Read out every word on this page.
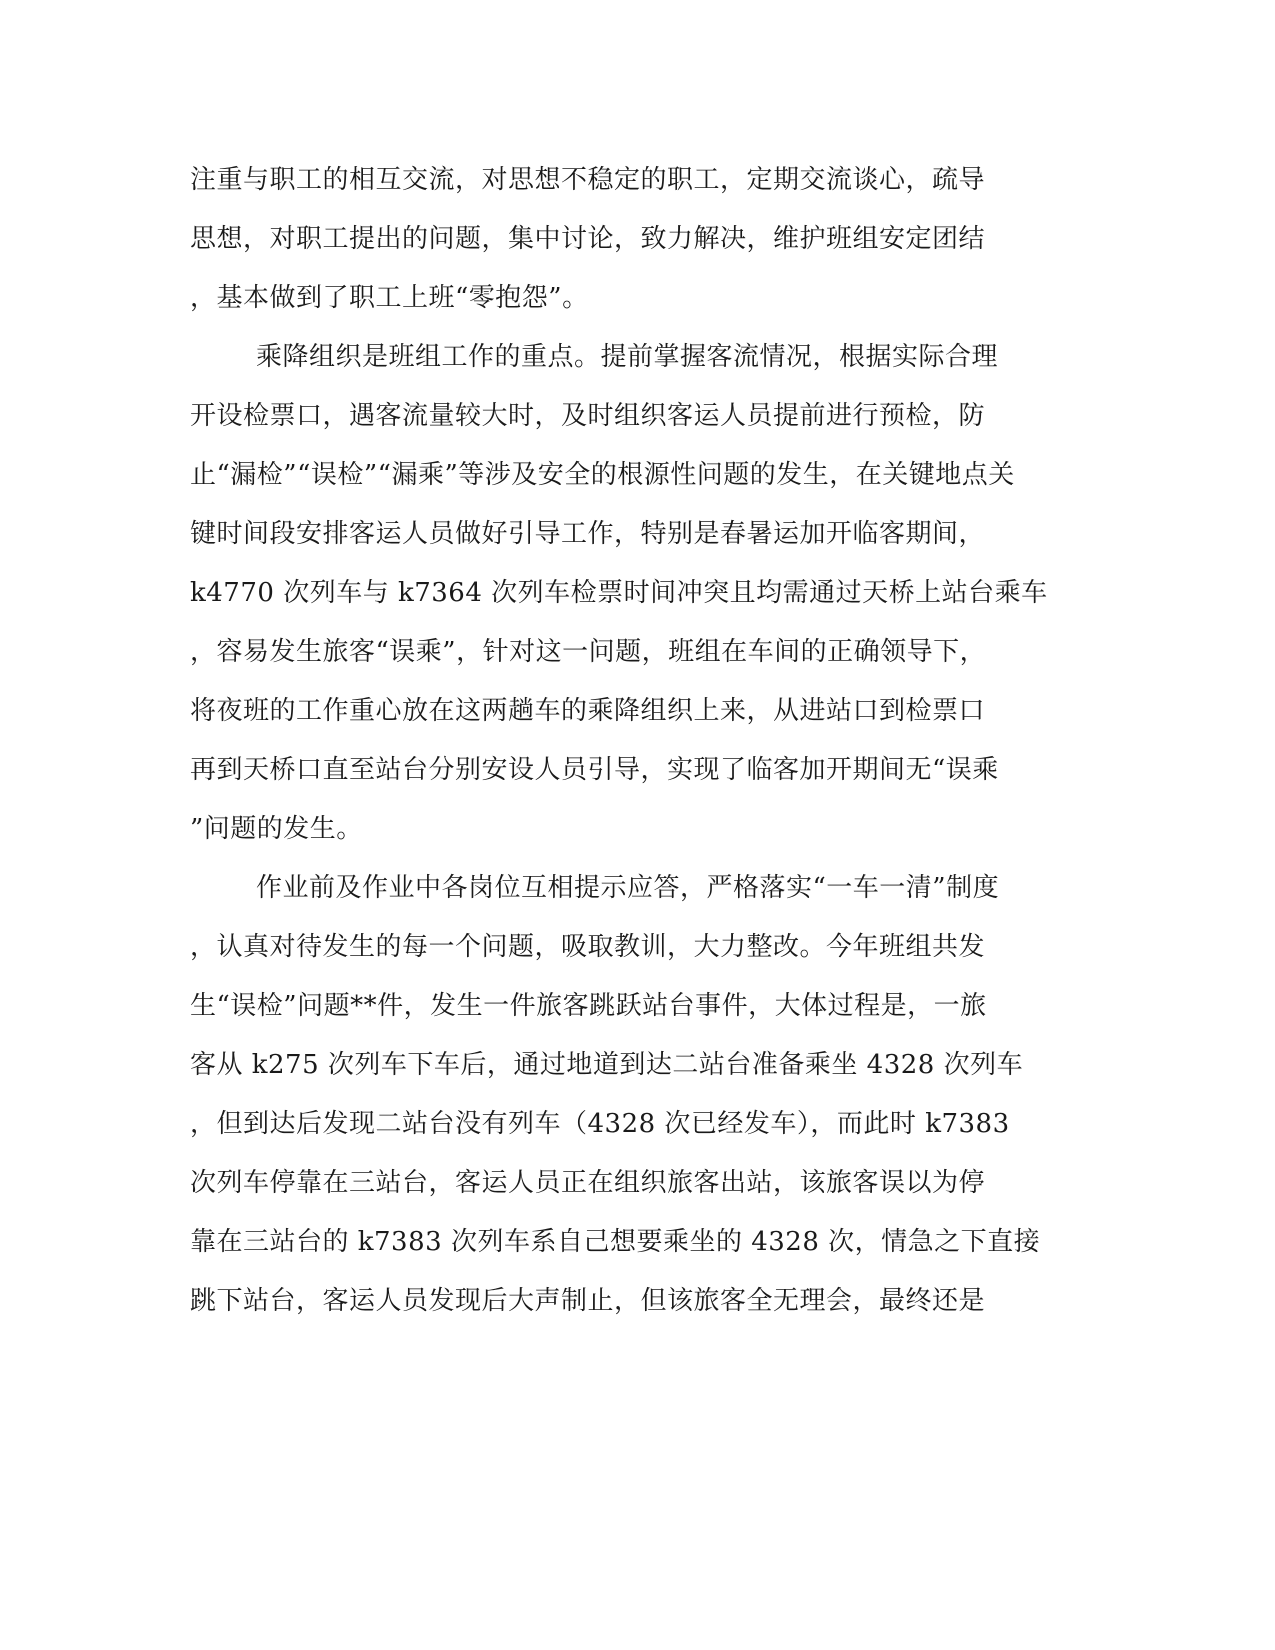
注重与职工的相互交流，对思想不稳定的职工，定期交流谈心，疏导

思想，对职工提出的问题，集中讨论，致力解决，维护班组安定团结

，基本做到了职工上班“零抱怨”。

乘降组织是班组工作的重点。提前掌握客流情况，根据实际合理

开设检票口，遇客流量较大时，及时组织客运人员提前进行预检，防

止“漏检”“误检”“漏乘”等涉及安全的根源性问题的发生，在关键地点关

键时间段安排客运人员做好引导工作，特别是春暑运加开临客期间，

k4770 次列车与 k7364 次列车检票时间冲突且均需通过天桥上站台乘车

，容易发生旅客“误乘”，针对这一问题，班组在车间的正确领导下，

将夜班的工作重心放在这两趟车的乘降组织上来，从进站口到检票口

再到天桥口直至站台分别安设人员引导，实现了临客加开期间无“误乘

”问题的发生。

作业前及作业中各岗位互相提示应答，严格落实“一车一清”制度

，认真对待发生的每一个问题，吸取教训，大力整改。今年班组共发

生“误检”问题**件，发生一件旅客跳跃站台事件，大体过程是，一旅

客从 k275 次列车下车后，通过地道到达二站台准备乘坐 4328 次列车

，但到达后发现二站台没有列车（4328 次已经发车），而此时 k7383

次列车停靠在三站台，客运人员正在组织旅客出站，该旅客误以为停

靠在三站台的 k7383 次列车系自己想要乘坐的 4328 次，情急之下直接

跳下站台，客运人员发现后大声制止，但该旅客全无理会，最终还是
